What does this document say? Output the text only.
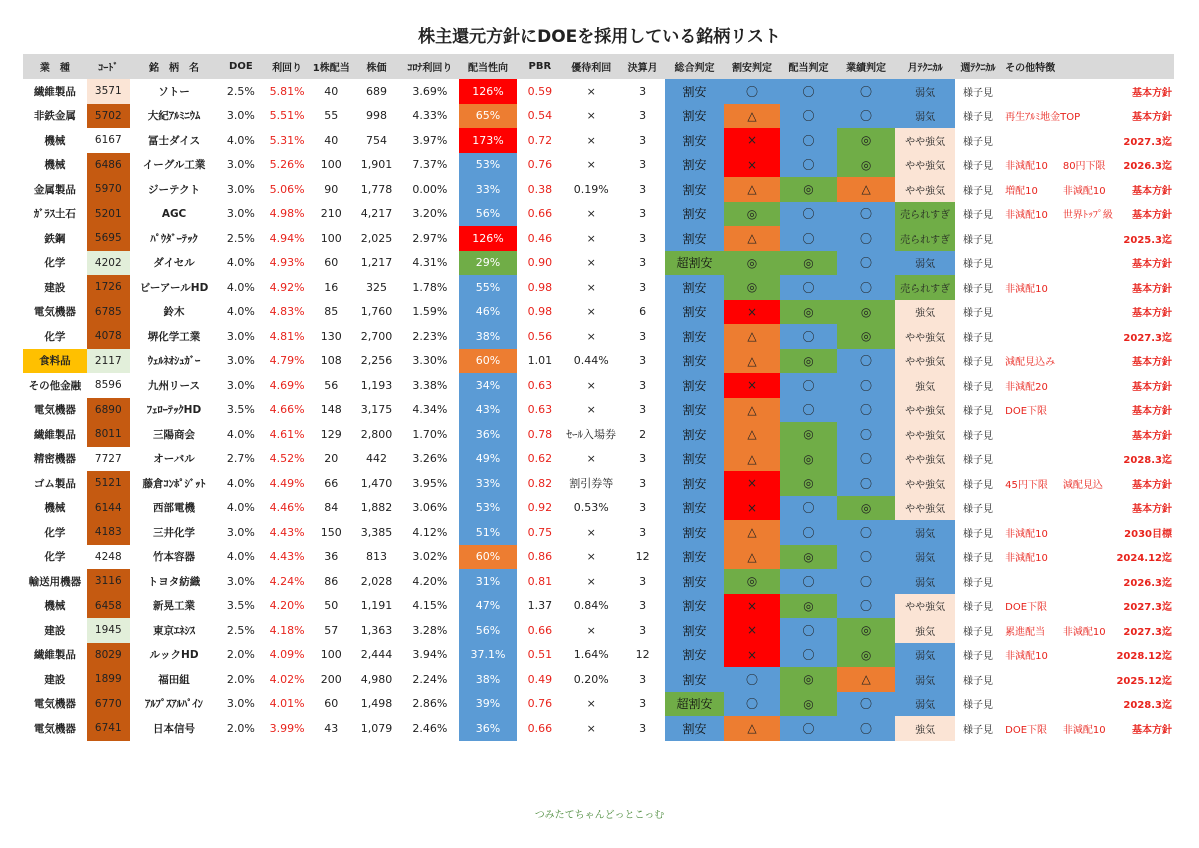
株主還元方針にDOEを採用している銘柄リスト
業　種	ｺｰﾄﾞ	銘　柄　名	DOE	利回り	1株配当	株価	ｺﾛﾅ利回り	配当性向	PBR	優待利回	決算月	総合判定	割安判定	配当判定	業績判定	月ﾃｸﾆｶﾙ	週ﾃｸﾆｶﾙ	その他特徴		
繊維製品	3571	ソトー	2.5%	5.81%	40	689	3.69%	126%	0.59	×	3	割安	〇	〇	〇	弱気	様子見			基本方針
非鉄金属	5702	大紀ｱﾙﾐﾆｳﾑ	3.0%	5.51%	55	998	4.33%	65%	0.54	×	3	割安	△	〇	〇	弱気	様子見	再生ｱﾙﾐ地金TOP		基本方針
機械	6167	冨士ダイス	4.0%	5.31%	40	754	3.97%	173%	0.72	×	3	割安	×	〇	◎	やや強気	様子見			2027.3迄
機械	6486	イーグル工業	3.0%	5.26%	100	1,901	7.37%	53%	0.76	×	3	割安	×	〇	◎	やや強気	様子見	非減配10	80円下限	2026.3迄
金属製品	5970	ジーテクト	3.0%	5.06%	90	1,778	0.00%	33%	0.38	0.19%	3	割安	△	◎	△	やや強気	様子見	増配10	非減配10	基本方針
ｶﾞﾗｽ土石	5201	AGC	3.0%	4.98%	210	4,217	3.20%	56%	0.66	×	3	割安	◎	〇	〇	売られすぎ	様子見	非減配10	世界ﾄｯﾌﾟ級	基本方針
鉄鋼	5695	ﾊﾟｳﾀﾞｰﾃｯｸ	2.5%	4.94%	100	2,025	2.97%	126%	0.46	×	3	割安	△	〇	〇	売られすぎ	様子見			2025.3迄
化学	4202	ダイセル	4.0%	4.93%	60	1,217	4.31%	29%	0.90	×	3	超割安	◎	◎	〇	弱気	様子見			基本方針
建設	1726	ビーアールHD	4.0%	4.92%	16	325	1.78%	55%	0.98	×	3	割安	◎	〇	〇	売られすぎ	様子見	非減配10		基本方針
電気機器	6785	鈴木	4.0%	4.83%	85	1,760	1.59%	46%	0.98	×	6	割安	×	◎	◎	強気	様子見			基本方針
化学	4078	堺化学工業	3.0%	4.81%	130	2,700	2.23%	38%	0.56	×	3	割安	△	〇	◎	やや強気	様子見			2027.3迄
食料品	2117	ｳｪﾙﾈｵｼｭｶﾞｰ	3.0%	4.79%	108	2,256	3.30%	60%	1.01	0.44%	3	割安	△	◎	〇	やや強気	様子見	減配見込み		基本方針
その他金融	8596	九州リース	3.0%	4.69%	56	1,193	3.38%	34%	0.63	×	3	割安	×	〇	〇	強気	様子見	非減配20		基本方針
電気機器	6890	ﾌｪﾛｰﾃｯｸHD	3.5%	4.66%	148	3,175	4.34%	43%	0.63	×	3	割安	△	〇	〇	やや強気	様子見	DOE下限		基本方針
繊維製品	8011	三陽商会	4.0%	4.61%	129	2,800	1.70%	36%	0.78	ｾｰﾙ入場券	2	割安	△	◎	〇	やや強気	様子見			基本方針
精密機器	7727	オーバル	2.7%	4.52%	20	442	3.26%	49%	0.62	×	3	割安	△	◎	〇	やや強気	様子見			2028.3迄
ゴム製品	5121	藤倉ｺﾝﾎﾟｼﾞｯﾄ	4.0%	4.49%	66	1,470	3.95%	33%	0.82	割引券等	3	割安	×	◎	〇	やや強気	様子見	45円下限	減配見込	基本方針
機械	6144	西部電機	4.0%	4.46%	84	1,882	3.06%	53%	0.92	0.53%	3	割安	×	〇	◎	やや強気	様子見			基本方針
化学	4183	三井化学	3.0%	4.43%	150	3,385	4.12%	51%	0.75	×	3	割安	△	〇	〇	弱気	様子見	非減配10		2030目標
化学	4248	竹本容器	4.0%	4.43%	36	813	3.02%	60%	0.86	×	12	割安	△	◎	〇	弱気	様子見	非減配10		2024.12迄
輸送用機器	3116	トヨタ紡織	3.0%	4.24%	86	2,028	4.20%	31%	0.81	×	3	割安	◎	〇	〇	弱気	様子見			2026.3迄
機械	6458	新晃工業	3.5%	4.20%	50	1,191	4.15%	47%	1.37	0.84%	3	割安	×	◎	〇	やや強気	様子見	DOE下限		2027.3迄
建設	1945	東京ｴﾈｼｽ	2.5%	4.18%	57	1,363	3.28%	56%	0.66	×	3	割安	×	〇	◎	強気	様子見	累進配当	非減配10	2027.3迄
繊維製品	8029	ルックHD	2.0%	4.09%	100	2,444	3.94%	37.1%	0.51	1.64%	12	割安	×	〇	◎	弱気	様子見	非減配10		2028.12迄
建設	1899	福田組	2.0%	4.02%	200	4,980	2.24%	38%	0.49	0.20%	3	割安	〇	◎	△	弱気	様子見			2025.12迄
電気機器	6770	ｱﾙﾌﾟｽｱﾙﾊﾟｲﾝ	3.0%	4.01%	60	1,498	2.86%	39%	0.76	×	3	超割安	〇	◎	〇	弱気	様子見			2028.3迄
電気機器	6741	日本信号	2.0%	3.99%	43	1,079	2.46%	36%	0.66	×	3	割安	△	〇	〇	強気	様子見	DOE下限	非減配10	基本方針
つみたてちゃんどっとこっむ
